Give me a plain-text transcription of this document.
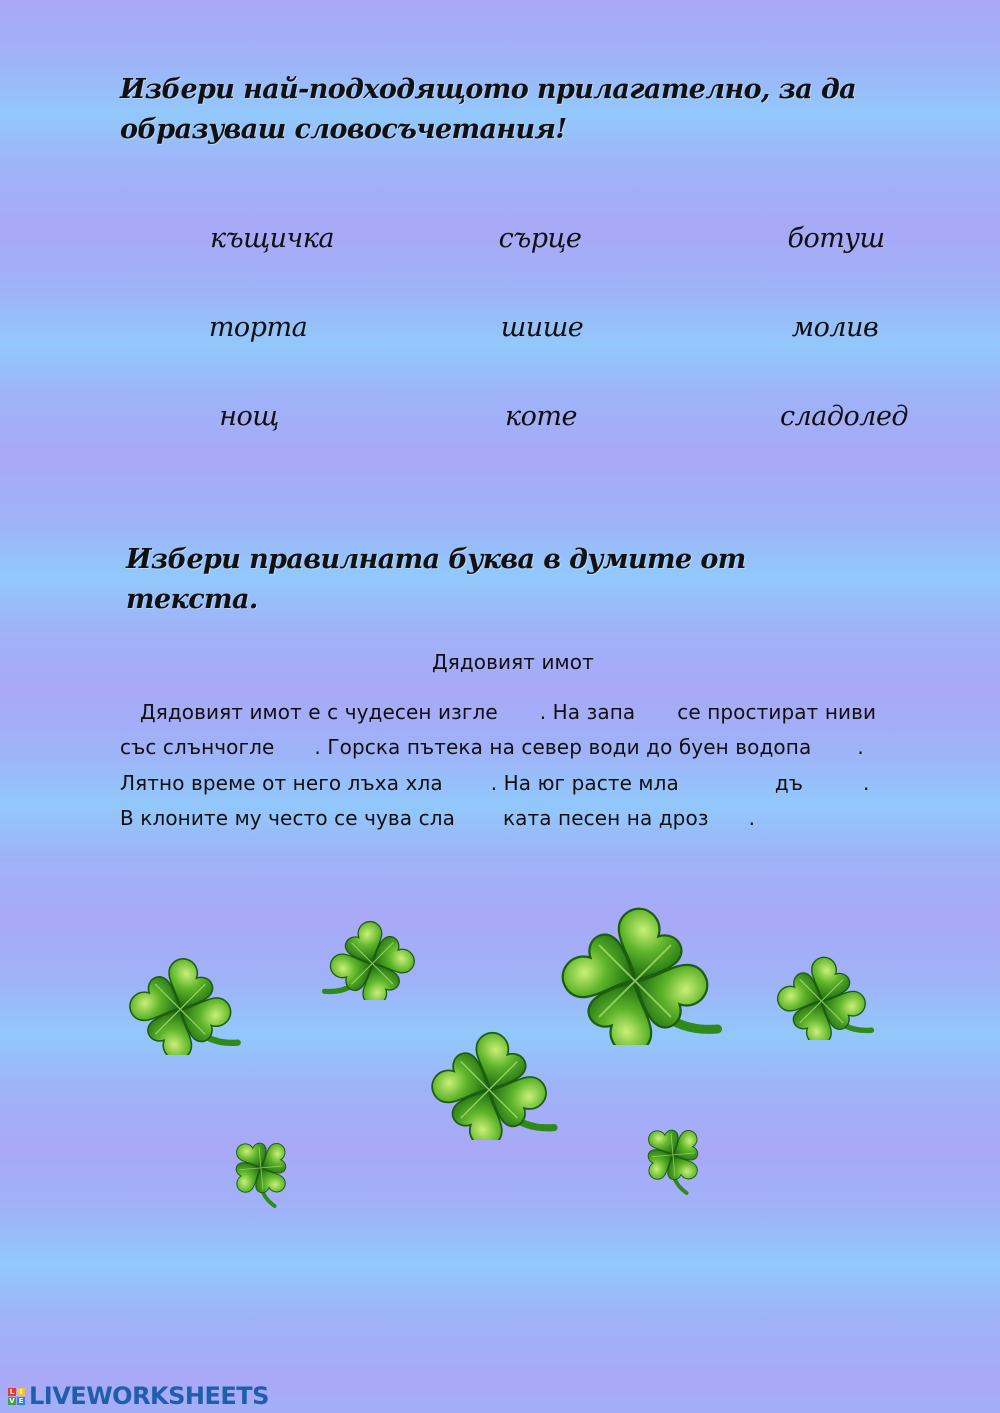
Избери най-подходящото прилагателно, за да образуваш словосъчетания!
къщичка	сърце	ботуш
торта	шише	молив
нощ	коте	сладолед
Избери правилната буква в думите от текста.
Дядовият имот
Дядовият имот е с чудесен изгле . На запа се простират ниви
със слънчогле . Горска пътека на север води до буен водопа .
Лятно време от него лъха хла . На юг расте мла	дъ	.
В клоните му често се чува сла ката песен на дроз .
L I
V E LIVEWORKSHEETS
